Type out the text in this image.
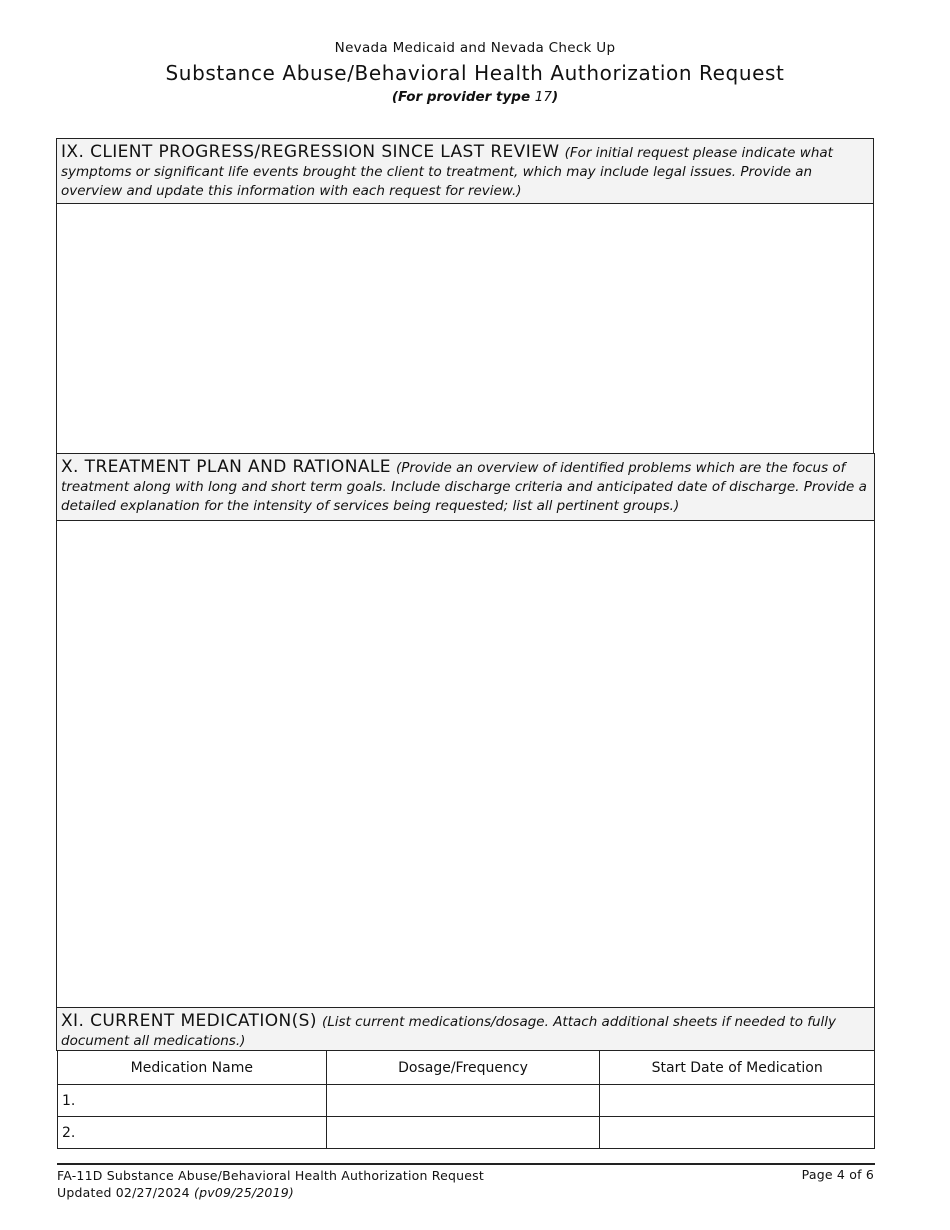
Nevada Medicaid and Nevada Check Up
Substance Abuse/Behavioral Health Authorization Request
(For provider type 17)
IX. CLIENT PROGRESS/REGRESSION SINCE LAST REVIEW (For initial request please indicate what symptoms or significant life events brought the client to treatment, which may include legal issues. Provide an overview and update this information with each request for review.)
X. TREATMENT PLAN AND RATIONALE (Provide an overview of identified problems which are the focus of treatment along with long and short term goals. Include discharge criteria and anticipated date of discharge. Provide a detailed explanation for the intensity of services being requested; list all pertinent groups.)
XI. CURRENT MEDICATION(S) (List current medications/dosage. Attach additional sheets if needed to fully document all medications.)
Medication Name	Dosage/Frequency	Start Date of Medication
1.		
2.		
FA-11D Substance Abuse/Behavioral Health Authorization Request
Updated 02/27/2024 (pv09/25/2019)
Page 4 of 6
